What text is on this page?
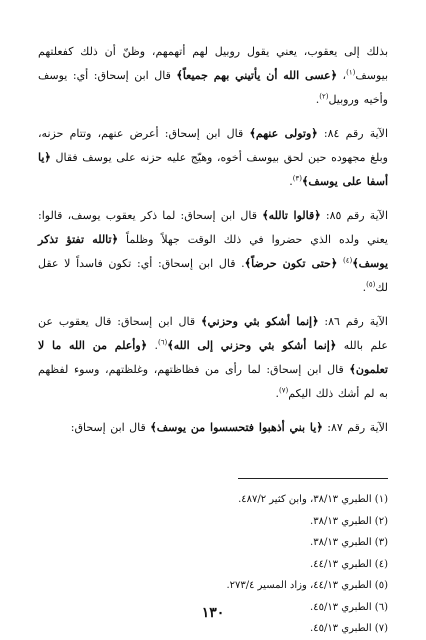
بذلك إلى يعقوب، يعني يقول روبيل لهم أتهمهم، وظنّ أن ذلك كفعلتهم بيوسف$^{(١)}$، ﴿عسى الله أن يأتيني بهم جميعاً﴾ قال ابن إسحاق: أي: يوسف وأخيه وروبيل$^{(٢)}$.

الآية رقم ٨٤: ﴿وتولى عنهم﴾ قال ابن إسحاق: أعرض عنهم، وتتام حزنه، وبلغ مجهوده حين لحق بيوسف أخوه، وهيّج عليه حزنه على يوسف فقال ﴿يا أسفا على يوسف﴾$^{(٣)}$.

الآية رقم ٨٥: ﴿قالوا تالله﴾ قال ابن إسحاق: لما ذكر يعقوب يوسف، قالوا: يعني ولده الذي حضروا في ذلك الوقت جهلاً وظلماً ﴿تالله تفتؤ تذكر يوسف﴾$^{(٤)}$ ﴿حتى تكون حرضاً﴾. قال ابن إسحاق: أي: تكون فاسداً لا عقل لك$^{(٥)}$.

الآية رقم ٨٦: ﴿إنما أشكو بثي وحزني﴾ قال ابن إسحاق: قال يعقوب عن علم بالله ﴿إنما أشكو بثي وحزني إلى الله﴾$^{(٦)}$. ﴿وأعلم من الله ما لا تعلمون﴾ قال ابن إسحاق: لما رأى من فظاظتهم، وغلظتهم، وسوء لفظهم به لم أشك ذلك اليكم$^{(٧)}$.

الآية رقم ٨٧: ﴿يا بني أذهبوا فتحسسوا من يوسف﴾ قال ابن إسحاق:

(١) الطبري ٣٨/١٣، وابن كثير ٤٨٧/٢.
(٢) الطبري ٣٨/١٣.
(٣) الطبري ٣٨/١٣.
(٤) الطبري ٤٤/١٣.
(٥) الطبري ٤٤/١٣، وزاد المسير ٢٧٣/٤.
(٦) الطبري ٤٥/١٣.
(٧) الطبري ٤٥/١٣.
١٣٠
